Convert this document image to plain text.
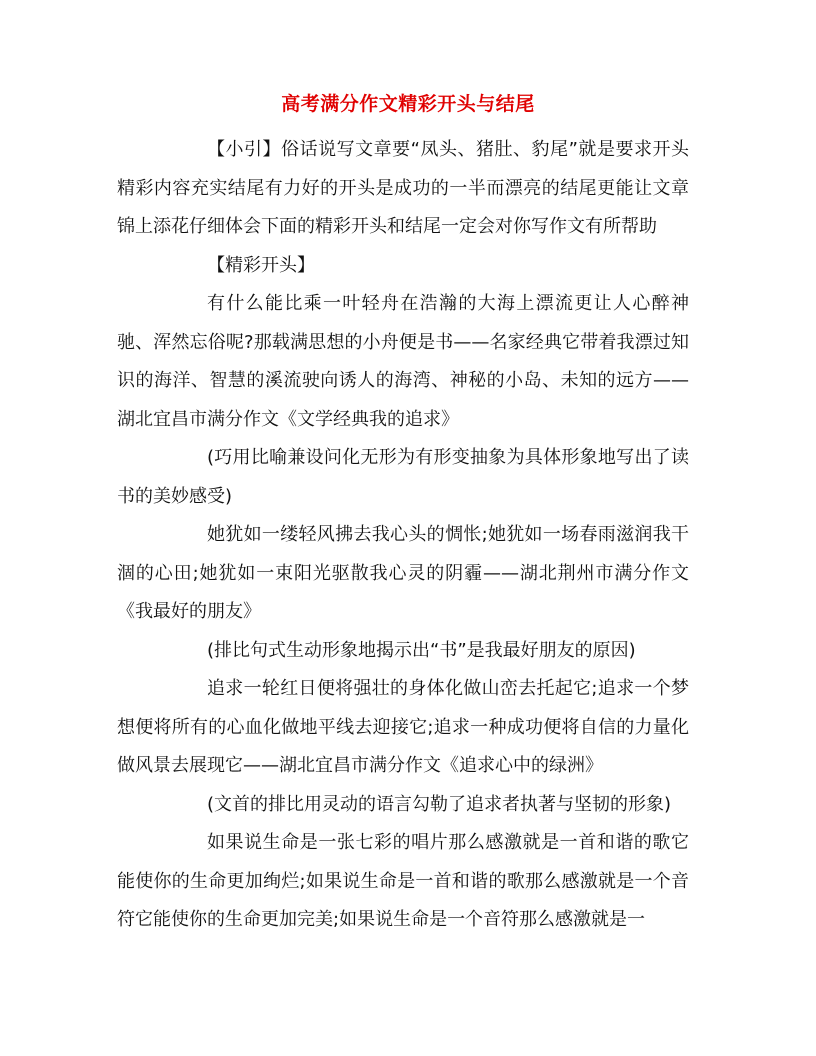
高考满分作文精彩开头与结尾

【小引】俗话说写文章要“凤头、猪肚、豹尾”就是要求开头精彩内容充实结尾有力好的开头是成功的一半而漂亮的结尾更能让文章锦上添花仔细体会下面的精彩开头和结尾一定会对你写作文有所帮助

【精彩开头】

有什么能比乘一叶轻舟在浩瀚的大海上漂流更让人心醉神驰、浑然忘俗呢?那载满思想的小舟便是书——名家经典它带着我漂过知识的海洋、智慧的溪流驶向诱人的海湾、神秘的小岛、未知的远方——湖北宜昌市满分作文《文学经典我的追求》

(巧用比喻兼设问化无形为有形变抽象为具体形象地写出了读书的美妙感受)

她犹如一缕轻风拂去我心头的惆怅;她犹如一场春雨滋润我干涸的心田;她犹如一束阳光驱散我心灵的阴霾——湖北荆州市满分作文《我最好的朋友》

(排比句式生动形象地揭示出“书”是我最好朋友的原因)

追求一轮红日便将强壮的身体化做山峦去托起它;追求一个梦想便将所有的心血化做地平线去迎接它;追求一种成功便将自信的力量化做风景去展现它——湖北宜昌市满分作文《追求心中的绿洲》

(文首的排比用灵动的语言勾勒了追求者执著与坚韧的形象)

如果说生命是一张七彩的唱片那么感激就是一首和谐的歌它能使你的生命更加绚烂;如果说生命是一首和谐的歌那么感激就是一个音符它能使你的生命更加完美;如果说生命是一个音符那么感激就是一
